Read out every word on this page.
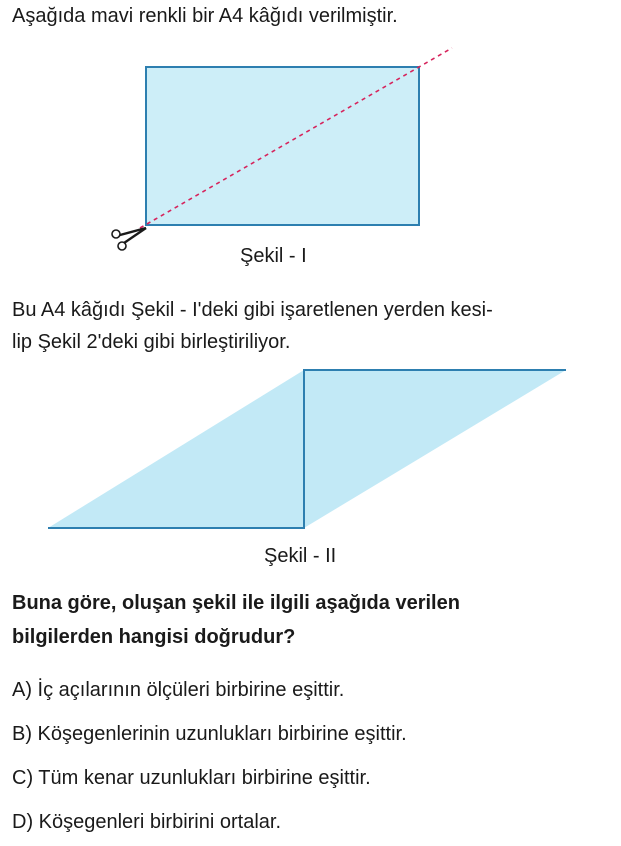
Aşağıda mavi renkli bir A4 kâğıdı verilmiştir.
Şekil - I
Bu A4 kâğıdı Şekil - I'deki gibi işaretlenen yerden kesi-
lip Şekil 2'deki gibi birleştiriliyor.
Şekil - II
Buna göre, oluşan şekil ile ilgili aşağıda verilen
bilgilerden hangisi doğrudur?
A) İç açılarının ölçüleri birbirine eşittir.
B) Köşegenlerinin uzunlukları birbirine eşittir.
C) Tüm kenar uzunlukları birbirine eşittir.
D) Köşegenleri birbirini ortalar.
